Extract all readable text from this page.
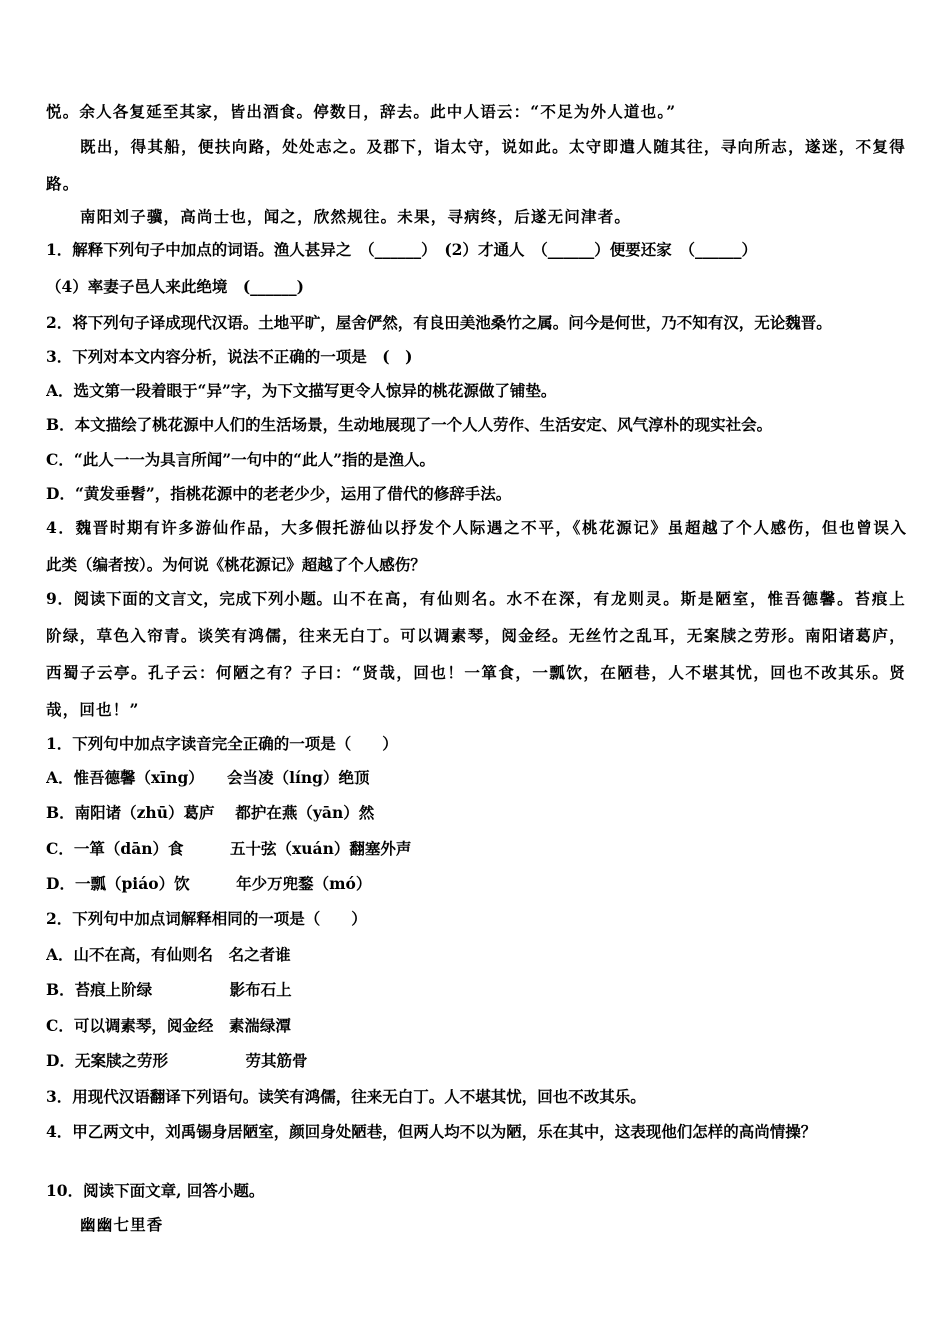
悦。余人各复延至其家，皆出酒食。停数日，辞去。此中人语云：“不足为外人道也。”
既出，得其船，便扶向路，处处志之。及郡下，诣太守，说如此。太守即遣人随其往，寻向所志，遂迷，不复得
路。
南阳刘子骥，高尚士也，闻之，欣然规往。未果，寻病终，后遂无问津者。
1．解释下列句子中加点的词语。渔人甚异之　（______）　(2）才通人　（______）便要还家　（______）
（4）率妻子邑人来此绝境　(______)
2．将下列句子译成现代汉语。土地平旷，屋舍俨然，有良田美池桑竹之属。问今是何世，乃不知有汉，无论魏晋。
3．下列对本文内容分析，说法不正确的一项是　(　)
A．选文第一段着眼于“异”字，为下文描写更令人惊异的桃花源做了铺垫。
B．本文描绘了桃花源中人们的生活场景，生动地展现了一个人人劳作、生活安定、风气淳朴的现实社会。
C．“此人一一为具言所闻”一句中的“此人”指的是渔人。
D．“黄发垂髫”，指桃花源中的老老少少，运用了借代的修辞手法。
4．魏晋时期有许多游仙作品，大多假托游仙以抒发个人际遇之不平，《桃花源记》虽超越了个人感伤，但也曾误入
此类（编者按）。为何说《桃花源记》超越了个人感伤？
9．阅读下面的文言文，完成下列小题。山不在高，有仙则名。水不在深，有龙则灵。斯是陋室，惟吾德馨。苔痕上
阶绿，草色入帘青。谈笑有鸿儒，往来无白丁。可以调素琴，阅金经。无丝竹之乱耳，无案牍之劳形。南阳诸葛庐，
西蜀子云亭。孔子云：何陋之有？子曰：“贤哉，回也！一箪食，一瓢饮，在陋巷，人不堪其忧，回也不改其乐。贤
哉，回也！”
1．下列句中加点字读音完全正确的一项是（　　）
A．惟吾德馨（xīng）　　会当凌（líng）绝顶
B．南阳诸（zhū）葛庐　 都护在燕（yān）然
C．一箪（dān）食　　　五十弦（xuán）翻塞外声
D．一瓢（piáo）饮　　　年少万兜鍪（mó）
2．下列句中加点词解释相同的一项是（　　）
A．山不在高，有仙则名　 名之者谁
B．苔痕上阶绿　　　　　影布石上
C．可以调素琴，阅金经　素湍绿潭
D．无案牍之劳形　　　　　劳其筋骨
3．用现代汉语翻译下列语句。读笑有鸿儒，往来无白丁。人不堪其忧，回也不改其乐。
4．甲乙两文中，刘禹锡身居陋室，颜回身处陋巷，但两人均不以为陋，乐在其中，这表现他们怎样的高尚情操？
10．阅读下面文章, 回答小题。
幽幽七里香
